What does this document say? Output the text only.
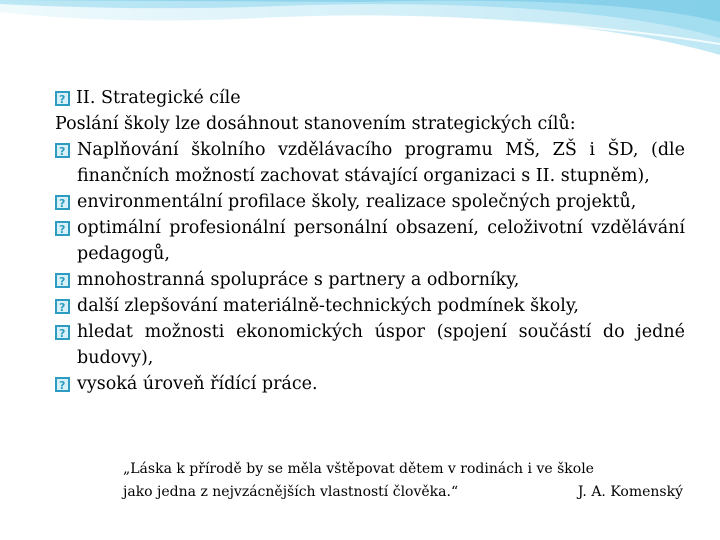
?
II. Strategické cíle

Poslání školy lze dosáhnout stanovením strategických cílů:

?
Naplňování školního vzdělávacího programu MŠ, ZŠ i ŠD, (dle finančních možností zachovat stávající organizaci s II. stupněm),
?
environmentální profilace školy, realizace společných projektů,
?
optimální profesionální personální obsazení, celoživotní vzdělávání pedagogů,
?
mnohostranná spolupráce s partnery a odborníky,
?
další zlepšování materiálně-technických podmínek školy,
?
hledat možnosti ekonomických úspor (spojení součástí do jedné budovy),
?
vysoká úroveň řídící práce.
„Láska k přírodě by se měla vštěpovat dětem v rodinách i ve škole
jako jedna z nejvzácnějších vlastností člověka.“	J. A. Komenský
